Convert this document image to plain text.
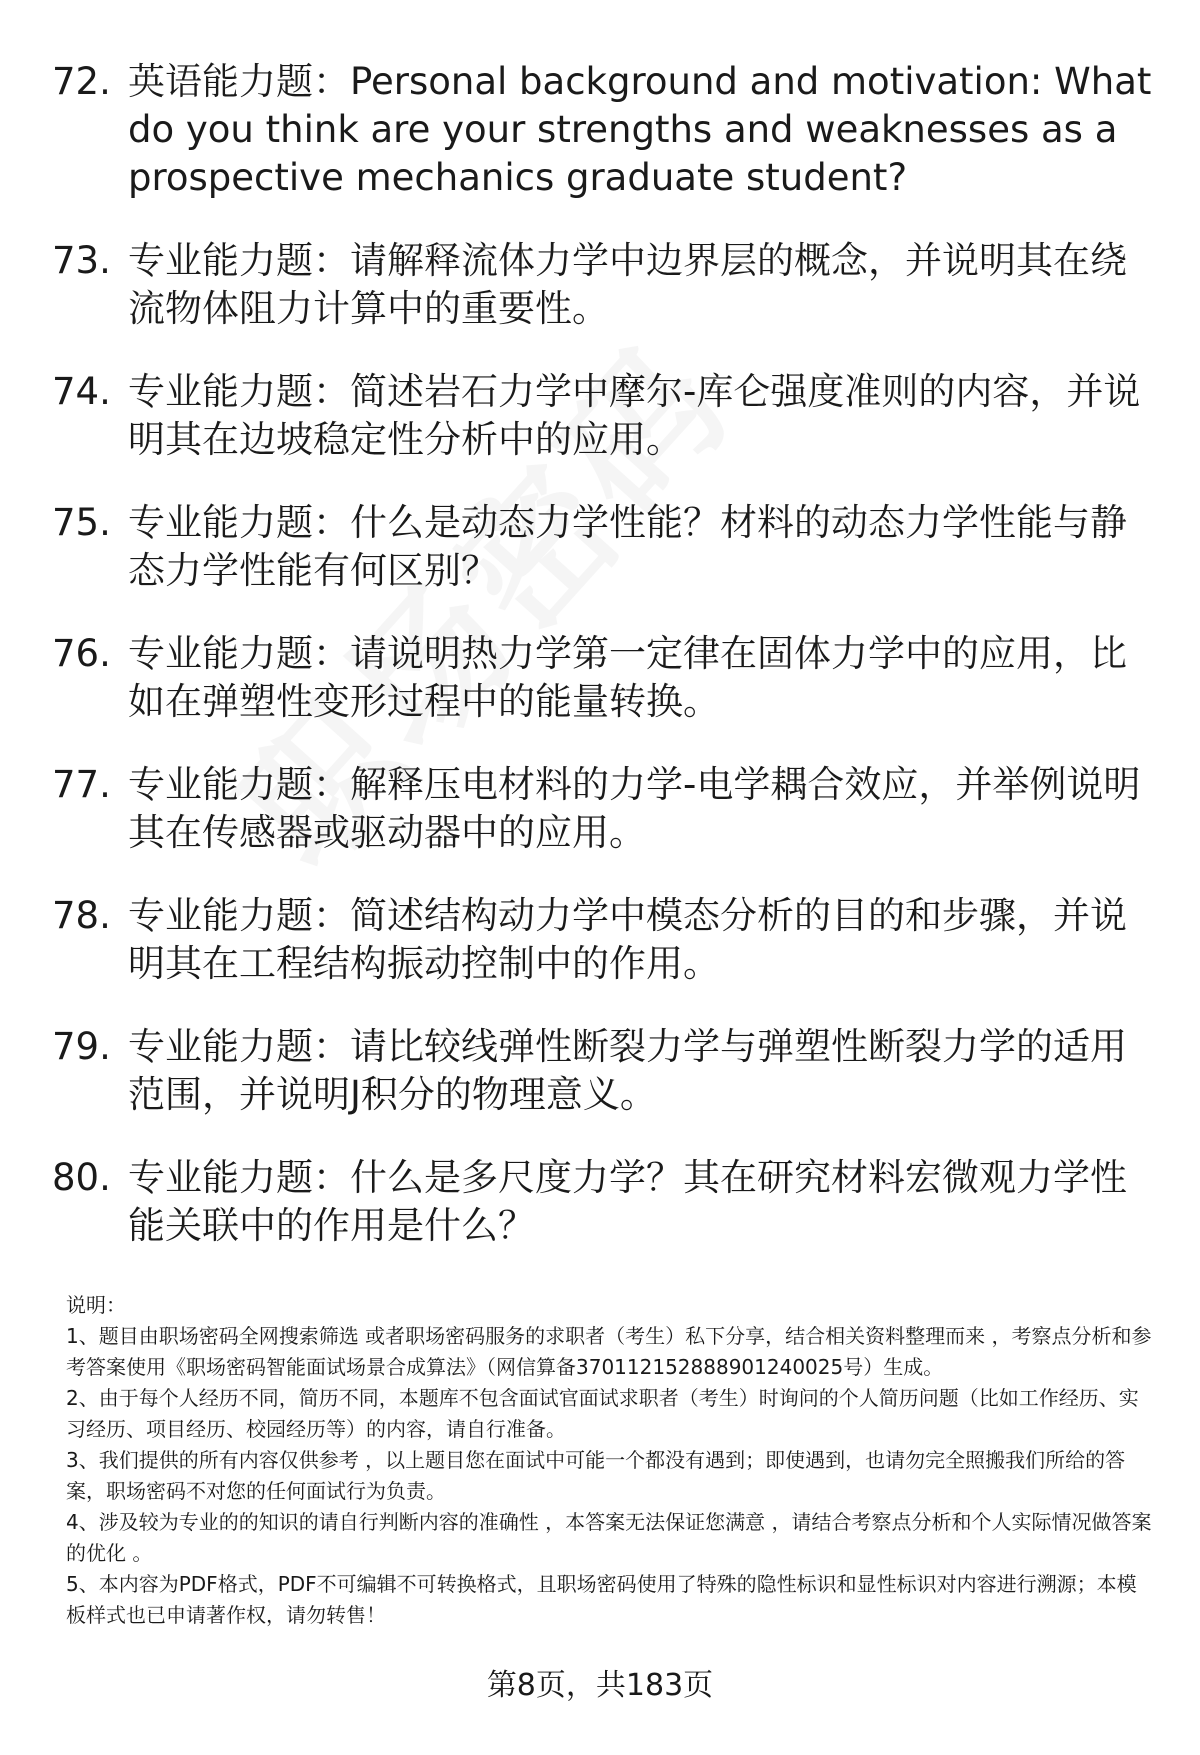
72. 英语能力题：Personal background and motivation: What do you think are your strengths and weaknesses as a prospective mechanics graduate student?
73. 专业能力题：请解释流体力学中边界层的概念，并说明其在绕流物体阻力计算中的重要性。
74. 专业能力题：简述岩石力学中摩尔-库仑强度准则的内容，并说明其在边坡稳定性分析中的应用。
75. 专业能力题：什么是动态力学性能？材料的动态力学性能与静态力学性能有何区别？
76. 专业能力题：请说明热力学第一定律在固体力学中的应用，比如在弹塑性变形过程中的能量转换。
77. 专业能力题：解释压电材料的力学-电学耦合效应，并举例说明其在传感器或驱动器中的应用。
78. 专业能力题：简述结构动力学中模态分析的目的和步骤，并说明其在工程结构振动控制中的作用。
79. 专业能力题：请比较线弹性断裂力学与弹塑性断裂力学的适用范围，并说明J积分的物理意义。
80. 专业能力题：什么是多尺度力学？其在研究材料宏微观力学性能关联中的作用是什么？

说明：

1、题目由职场密码全网搜索筛选 或者职场密码服务的求职者（考生）私下分享，结合相关资料整理而来 ，考察点分析和参考答案使用《职场密码智能面试场景合成算法》（网信算备370112152888901240025号）生成。

2、由于每个人经历不同，简历不同，本题库不包含面试官面试求职者（考生）时询问的个人简历问题（比如工作经历、实习经历、项目经历、校园经历等）的内容，请自行准备。

3、我们提供的所有内容仅供参考 ，以上题目您在面试中可能一个都没有遇到；即使遇到，也请勿完全照搬我们所给的答案，职场密码不对您的任何面试行为负责。

4、涉及较为专业的的知识的请自行判断内容的准确性 ，本答案无法保证您满意 ，请结合考察点分析和个人实际情况做答案的优化 。

5、本内容为PDF格式，PDF不可编辑不可转换格式，且职场密码使用了特殊的隐性标识和显性标识对内容进行溯源；本模板样式也已申请著作权，请勿转售！

第8页，共183页
